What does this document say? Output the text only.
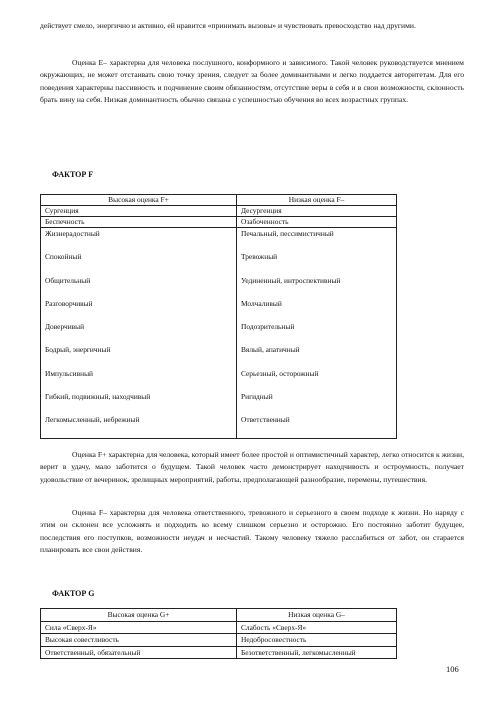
действует смело, энергично и активно, ей нравится «принимать вызовы» и чувствовать превосходство над другими.

Оценка E– характерна для человека послушного, конформного и зависимого. Такой человек руководствуется мнением окружающих, не может отстаивать свою точку зрения, следует за более доминантными и легко поддается авторитетам. Для его поведения характерны пассивность и подчинение своим обязанностям, отсутствие веры в себя и в свои возможности, склонность брать вину на себя. Низкая доминантность обычно связана с успешностью обучения во всех возрастных группах.

ФАКТОР F

Высокая оценка F+	Низкая оценка F–
Сургенция	Десургенция
Беспечность	Озабоченность
Жизнерадостный	Печальный, пессимистичный
Спокойный	Тревожный
Общительный	Уединенный, интроспективный
Разговорчивый	Молчаливый
Доверчивый	Подозрительный
Бодрый, энергичный	Вялый, апатичный
Импульсивный	Серьезный, осторожный
Гибкий, подвижный, находчивый	Ригидный
Легкомысленный, небрежный	Ответственный

Оценка F+ характерна для человека, который имеет более простой и оптимистичный характер, легко относится к жизни, верит в удачу, мало заботится о будущем. Такой человек часто демонстрирует находчивость и остроумность, получает удовольствие от вечеринок, зрелищных мероприятий, работы, предполагающей разнообразие, перемены, путешествия.

Оценка F– характерна для человека ответственного, тревожного и серьезного в своем подходе к жизни. Но наряду с этим он склонен все усложнять и подходить ко всему слишком серьезно и осторожно. Его постоянно заботит будущее, последствия его поступков, возможности неудач и несчастий. Такому человеку тяжело расслабиться от забот, он старается планировать все свои действия.

ФАКТОР G

Высокая оценка G+	Низкая оценка G–
Сила «Сверх-Я»	Слабость «Сверх-Я»
Высокая совестливость	Недобросовестность
Ответственный, обязательный	Безответственный, легкомысленный
106
